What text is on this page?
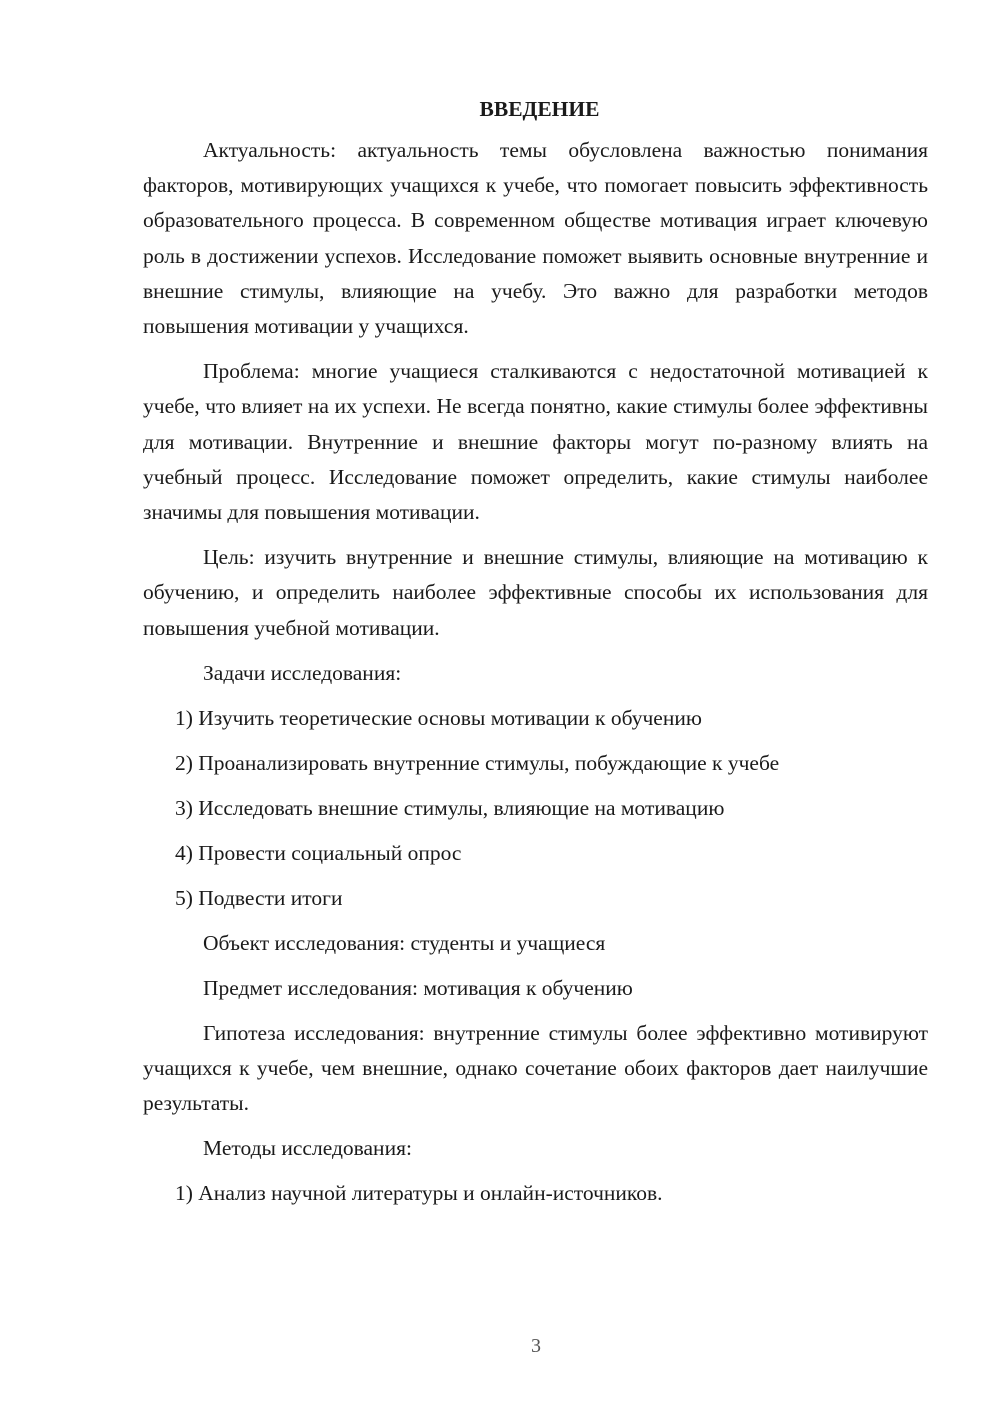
ВВЕДЕНИЕ

Актуальность: актуальность темы обусловлена важностью понимания факторов, мотивирующих учащихся к учебе, что помогает повысить эффективность образовательного процесса. В современном обществе мотивация играет ключевую роль в достижении успехов. Исследование поможет выявить основные внутренние и внешние стимулы, влияющие на учебу. Это важно для разработки методов повышения мотивации у учащихся.

Проблема: многие учащиеся сталкиваются с недостаточной мотивацией к учебе, что влияет на их успехи. Не всегда понятно, какие стимулы более эффективны для мотивации. Внутренние и внешние факторы могут по-разному влиять на учебный процесс. Исследование поможет определить, какие стимулы наиболее значимы для повышения мотивации.

Цель: изучить внутренние и внешние стимулы, влияющие на мотивацию к обучению, и определить наиболее эффективные способы их использования для повышения учебной мотивации.

Задачи исследования:
1) Изучить теоретические основы мотивации к обучению
2) Проанализировать внутренние стимулы, побуждающие к учебе
3) Исследовать внешние стимулы, влияющие на мотивацию
4) Провести социальный опрос
5) Подвести итоги
Объект исследования: студенты и учащиеся
Предмет исследования: мотивация к обучению

Гипотеза исследования: внутренние стимулы более эффективно мотивируют учащихся к учебе, чем внешние, однако сочетание обоих факторов дает наилучшие результаты.

Методы исследования:
1) Анализ научной литературы и онлайн-источников.
3
